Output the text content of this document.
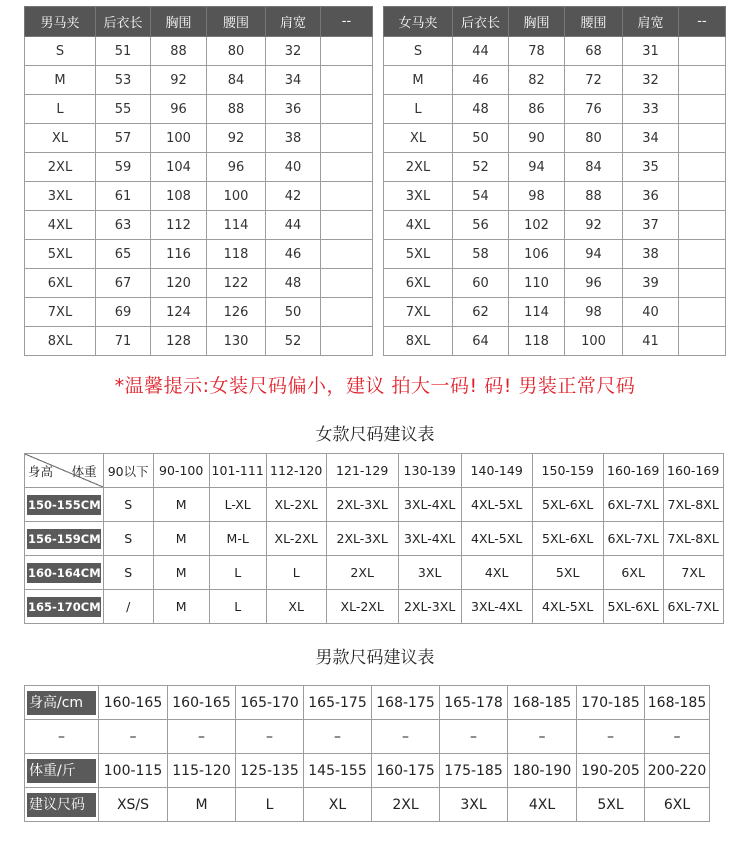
男马夹	后衣长	胸围	腰围	肩宽	--
S	51	88	80	32	
M	53	92	84	34	
L	55	96	88	36	
XL	57	100	92	38	
2XL	59	104	96	40	
3XL	61	108	100	42	
4XL	63	112	114	44	
5XL	65	116	118	46	
6XL	67	120	122	48	
7XL	69	124	126	50	
8XL	71	128	130	52	
女马夹	后衣长	胸围	腰围	肩宽	--
S	44	78	68	31	
M	46	82	72	32	
L	48	86	76	33	
XL	50	90	80	34	
2XL	52	94	84	35	
3XL	54	98	88	36	
4XL	56	102	92	37	
5XL	58	106	94	38	
6XL	60	110	96	39	
7XL	62	114	98	40	
8XL	64	118	100	41	
*温馨提示:女装尺码偏小，建议 拍大一码! 码! 男装正常尺码
女款尺码建议表
身高 体重	90以下	90-100	101-111	112-120	121-129	130-139	140-149	150-159	160-169	160-169

150-155CM	S	M	L-XL	XL-2XL	2XL-3XL	3XL-4XL	4XL-5XL	5XL-6XL	6XL-7XL	7XL-8XL

156-159CM	S	M	M-L	XL-2XL	2XL-3XL	3XL-4XL	4XL-5XL	5XL-6XL	6XL-7XL	7XL-8XL

160-164CM	S	M	L	L	2XL	3XL	4XL	5XL	6XL	7XL

165-170CM	/	M	L	XL	XL-2XL	2XL-3XL	3XL-4XL	4XL-5XL	5XL-6XL	6XL-7XL
男款尺码建议表
身高/cm	160-165	160-165	165-170	165-175	168-175	165-178	168-185	170-185	168-185
–	–	–	–	–	–	–	–	–	–

体重/斤	100-115	115-120	125-135	145-155	160-175	175-185	180-190	190-205	200-220

建议尺码	XS/S	M	L	XL	2XL	3XL	4XL	5XL	6XL
